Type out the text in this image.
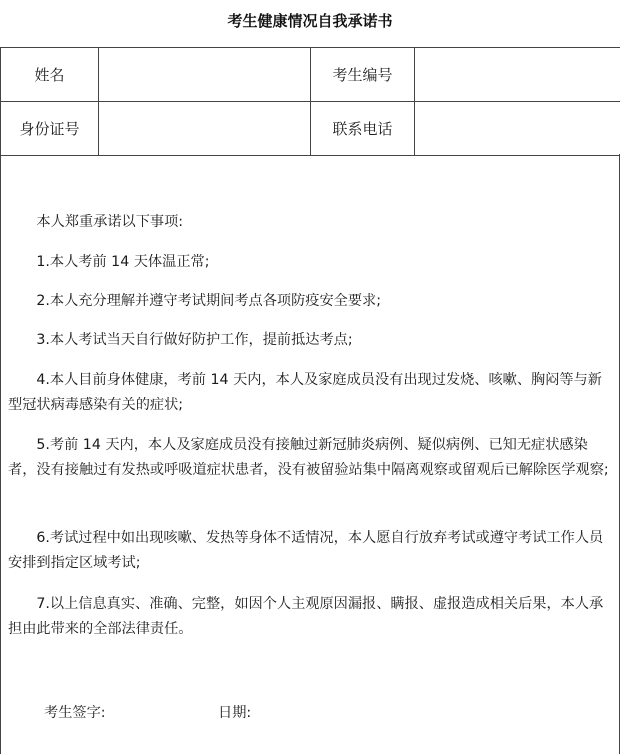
考生健康情况自我承诺书
姓名		考生编号	
身份证号		联系电话	

本人郑重承诺以下事项:

1.本人考前 14 天体温正常;

2.本人充分理解并遵守考试期间考点各项防疫安全要求;

3.本人考试当天自行做好防护工作，提前抵达考点;

4.本人目前身体健康，考前 14 天内，本人及家庭成员没有出现过发烧、咳嗽、胸闷等与新型冠状病毒感染有关的症状;

5.考前 14 天内，本人及家庭成员没有接触过新冠肺炎病例、疑似病例、已知无症状感染者，没有接触过有发热或呼吸道症状患者，没有被留验站集中隔离观察或留观后已解除医学观察;

6.考试过程中如出现咳嗽、发热等身体不适情况，本人愿自行放弃考试或遵守考试工作人员安排到指定区域考试;

7.以上信息真实、准确、完整，如因个人主观原因漏报、瞒报、虚报造成相关后果，本人承担由此带来的全部法律责任。

考生签字:	日期:
